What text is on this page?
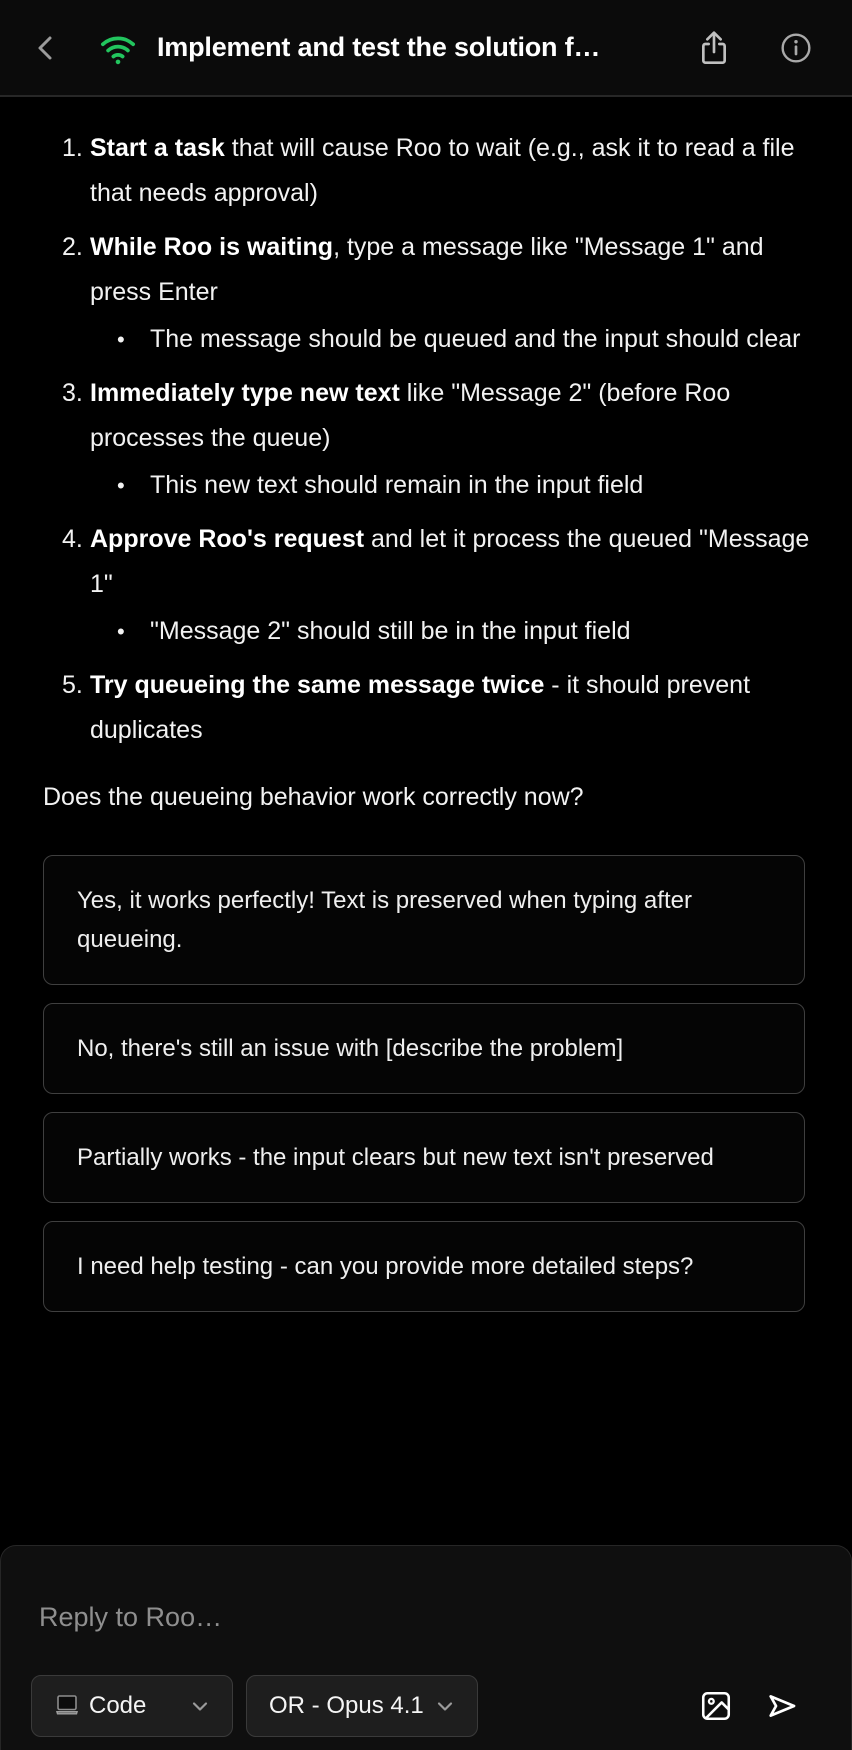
Implement and test the solution f…
1. Start a task that will cause Roo to wait (e.g., ask it to read a file that needs approval)
2. While Roo is waiting, type a message like "Message 1" and press Enter
•	The message should be queued and the input should clear
3. Immediately type new text like "Message 2" (before Roo processes the queue)
•	This new text should remain in the input field
4. Approve Roo's request and let it process the queued "Message 1"
•	"Message 2" should still be in the input field
5. Try queueing the same message twice - it should prevent duplicates
Does the queueing behavior work correctly now?
Yes, it works perfectly! Text is preserved when typing after queueing.
No, there's still an issue with [describe the problem]
Partially works - the input clears but new text isn't preserved
I need help testing - can you provide more detailed steps?
Reply to Roo…
Code	OR - Opus 4.1
